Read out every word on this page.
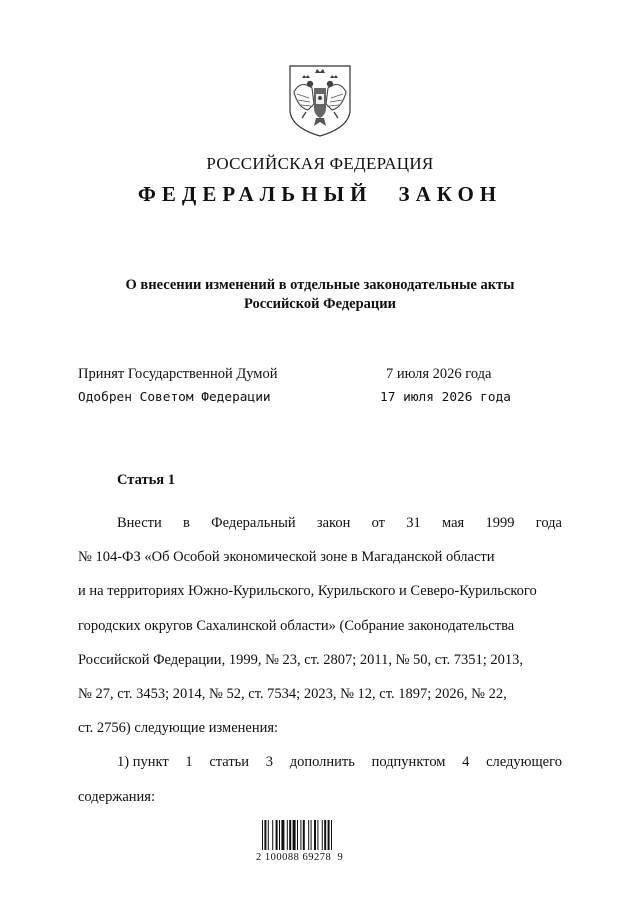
РОССИЙСКАЯ ФЕДЕРАЦИЯ
ФЕДЕРАЛЬНЫЙ ЗАКОН
О внесении изменений в отдельные законодательные акты
Российской Федерации
Принят Государственной Думой	7 июля 2026 года
Одобрен Советом Федерации	17 июля 2026 года
Статья 1
Внести в Федеральный закон от 31 мая 1999 года
№ 104-ФЗ «Об Особой экономической зоне в Магаданской области
и на территориях Южно-Курильского, Курильского и Северо-Курильского
городских округов Сахалинской области» (Собрание законодательства
Российской Федерации, 1999, № 23, ст. 2807; 2011, № 50, ст. 7351; 2013,
№ 27, ст. 3453; 2014, № 52, ст. 7534; 2023, № 12, ст. 1897; 2026, № 22,
ст. 2756) следующие изменения:
1) пункт 1 статьи 3 дополнить подпунктом 4 следующего
содержания:
2 100088 69278  9
